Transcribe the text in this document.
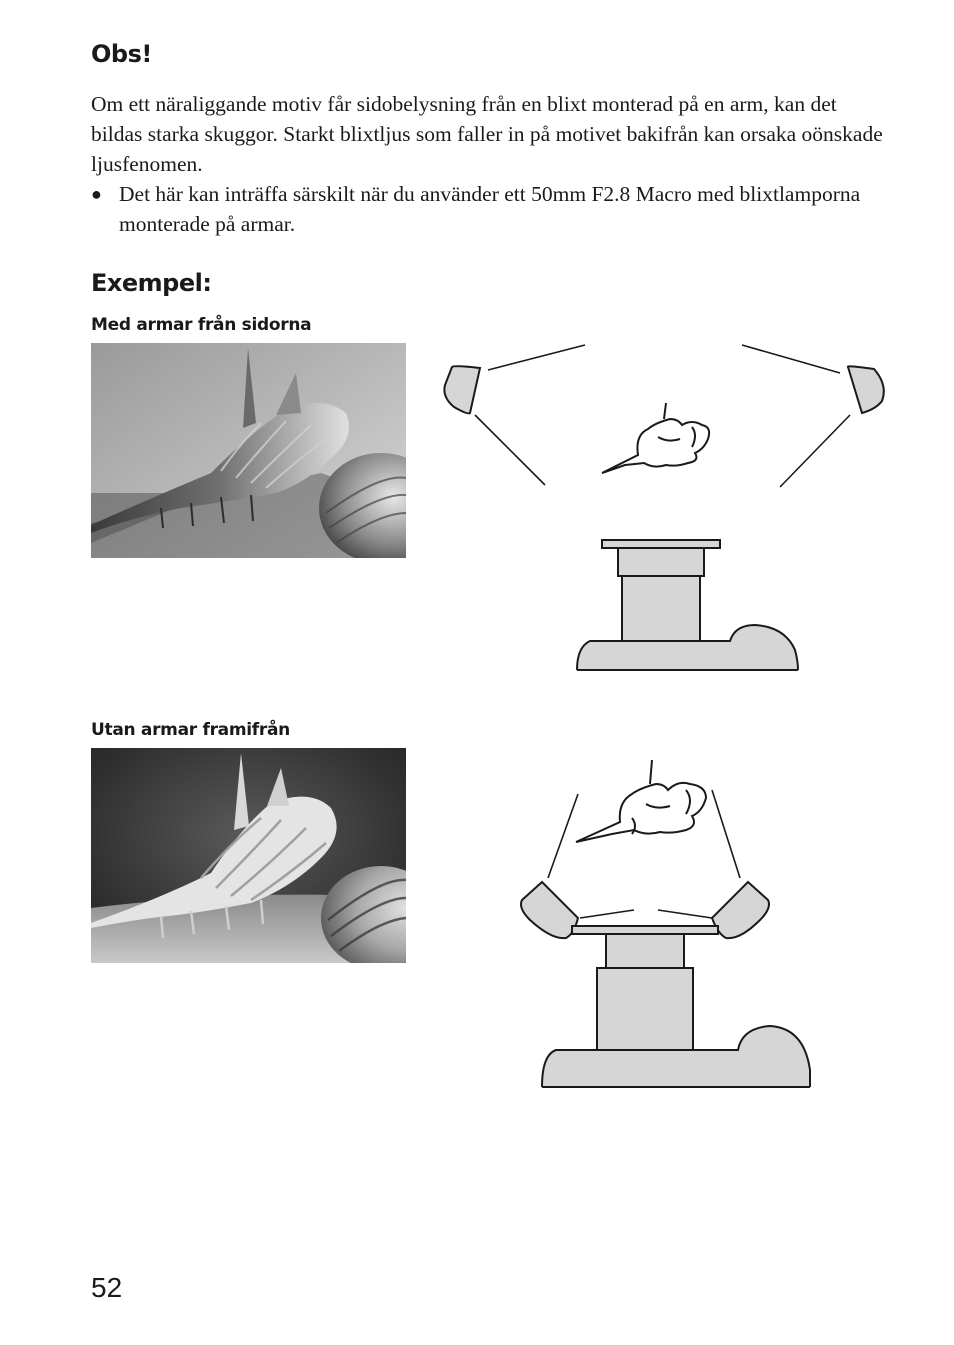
Obs!

Om ett näraliggande motiv får sidobelysning från en blixt monterad på en arm, kan det bildas starka skuggor. Starkt blixtljus som faller in på motivet bakifrån kan orsaka oönskade ljusfenomen.

● Det här kan inträffa särskilt när du använder ett 50mm F2.8 Macro med blixtlamporna monterade på armar.
Exempel:

Med armar från sidorna

Utan armar framifrån

52
